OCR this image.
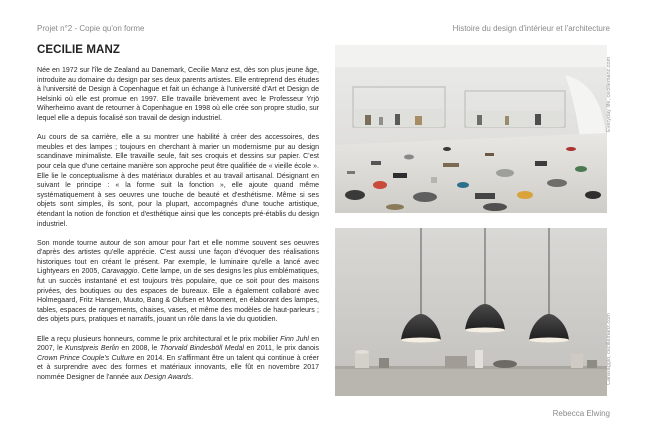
Projet n°2 - Copie qu'on forme	Histoire du design d'intérieur et l'architecture
CECILIE MANZ

Née en 1972 sur l'île de Zealand au Danemark, Cecilie Manz est, dès son plus jeune âge, introduite au domaine du design par ses deux parents artistes. Elle entreprend des études à l'université de Design à Copenhague et fait un échange à l'université d'Art et Design de Helsinki où elle est promue en 1997. Elle travaille brièvement avec le Professeur Yrjö Wiherheimo avant de retourner à Copenhague en 1998 où elle crée son propre studio, sur lequel elle a depuis focalisé son travail de design industriel.

Au cours de sa carrière, elle a su montrer une habilité à créer des accessoires, des meubles et des lampes ; toujours en cherchant à marier un modernisme pur au design scandinave minimaliste. Elle travaille seule, fait ses croquis et dessins sur papier. C'est pour cela que d'une certaine manière son approche peut être qualifiée de « vieille école ». Elle lie le conceptualisme à des matériaux durables et au travail artisanal. Désignant en suivant le principe : « la forme suit la fonction », elle ajoute quand même systématiquement à ses oeuvres une touche de beauté et d'esthétisme. Même si ses objets sont simples, ils sont, pour la plupart, accompagnés d'une touche artistique, étendant la notion de fonction et d'esthétique ainsi que les concepts pré-établis du design industriel.

Son monde tourne autour de son amour pour l'art et elle nomme souvent ses oeuvres d'après des artistes qu'elle apprécie. C'est aussi une façon d'évoquer des réalisations historiques tout en créant le présent. Par exemple, le luminaire qu'elle a lancé avec Lightyears en 2005, Caravaggio. Cette lampe, un de ses designs les plus emblématiques, fut un succès instantané et est toujours très populaire, que ce soit pour des maisons privées, des boutiques ou des espaces de bureaux. Elle a également collaboré avec Holmegaard, Fritz Hansen, Muuto, Bang & Olufsen et Mooment, en élaborant des lampes, tables, espaces de rangements, chaises, vases, et même des modèles de haut-parleurs ; des objets purs, pratiques et narratifs, jouant un rôle dans la vie du quotidien.

Elle a reçu plusieurs honneurs, comme le prix architectural et le prix mobilier Finn Juhl en 2007, le Kunstpreis Berlin en 2008, le Thorvald Bindesböll Medal en 2011, le prix danois Crown Prince Couple's Culture en 2014. En s'affirmant être un talent qui continue à créer et à surprendre avec des formes et matériaux innovants, elle fût en novembre 2017 nommée Designer de l'année aux Design Awards.

Everyday life, ceciliemanz.com
Caravaggio, ceciliemanz.com
Rebecca Elwing
